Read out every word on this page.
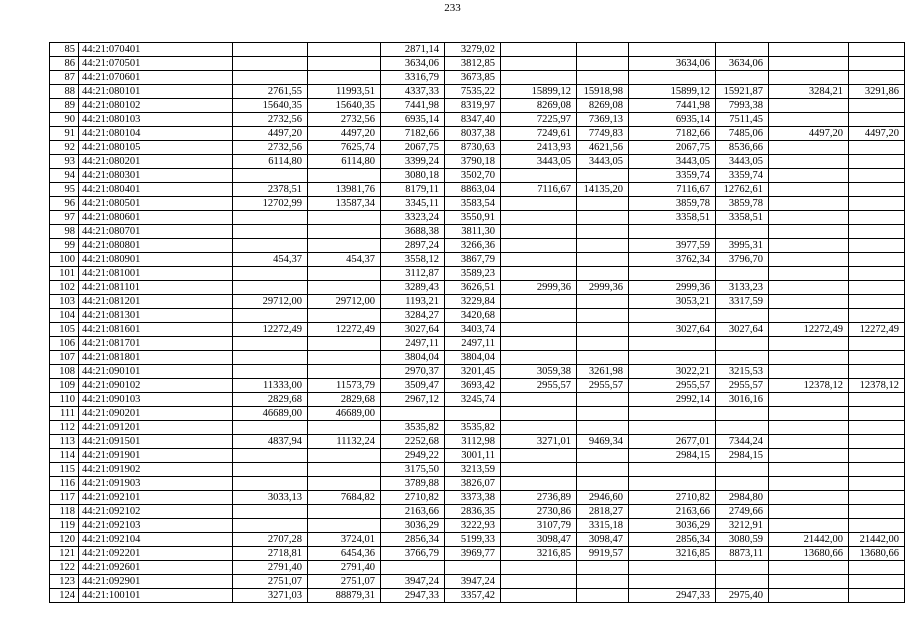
233
85	44:21:070401			2871,14	3279,02						
86	44:21:070501			3634,06	3812,85			3634,06	3634,06		
87	44:21:070601			3316,79	3673,85						
88	44:21:080101	2761,55	11993,51	4337,33	7535,22	15899,12	15918,98	15899,12	15921,87	3284,21	3291,86
89	44:21:080102	15640,35	15640,35	7441,98	8319,97	8269,08	8269,08	7441,98	7993,38		
90	44:21:080103	2732,56	2732,56	6935,14	8347,40	7225,97	7369,13	6935,14	7511,45		
91	44:21:080104	4497,20	4497,20	7182,66	8037,38	7249,61	7749,83	7182,66	7485,06	4497,20	4497,20
92	44:21:080105	2732,56	7625,74	2067,75	8730,63	2413,93	4621,56	2067,75	8536,66		
93	44:21:080201	6114,80	6114,80	3399,24	3790,18	3443,05	3443,05	3443,05	3443,05		
94	44:21:080301			3080,18	3502,70			3359,74	3359,74		
95	44:21:080401	2378,51	13981,76	8179,11	8863,04	7116,67	14135,20	7116,67	12762,61		
96	44:21:080501	12702,99	13587,34	3345,11	3583,54			3859,78	3859,78		
97	44:21:080601			3323,24	3550,91			3358,51	3358,51		
98	44:21:080701			3688,38	3811,30						
99	44:21:080801			2897,24	3266,36			3977,59	3995,31		
100	44:21:080901	454,37	454,37	3558,12	3867,79			3762,34	3796,70		
101	44:21:081001			3112,87	3589,23						
102	44:21:081101			3289,43	3626,51	2999,36	2999,36	2999,36	3133,23		
103	44:21:081201	29712,00	29712,00	1193,21	3229,84			3053,21	3317,59		
104	44:21:081301			3284,27	3420,68						
105	44:21:081601	12272,49	12272,49	3027,64	3403,74			3027,64	3027,64	12272,49	12272,49
106	44:21:081701			2497,11	2497,11						
107	44:21:081801			3804,04	3804,04						
108	44:21:090101			2970,37	3201,45	3059,38	3261,98	3022,21	3215,53		
109	44:21:090102	11333,00	11573,79	3509,47	3693,42	2955,57	2955,57	2955,57	2955,57	12378,12	12378,12
110	44:21:090103	2829,68	2829,68	2967,12	3245,74			2992,14	3016,16		
111	44:21:090201	46689,00	46689,00								
112	44:21:091201			3535,82	3535,82						
113	44:21:091501	4837,94	11132,24	2252,68	3112,98	3271,01	9469,34	2677,01	7344,24		
114	44:21:091901			2949,22	3001,11			2984,15	2984,15		
115	44:21:091902			3175,50	3213,59						
116	44:21:091903			3789,88	3826,07						
117	44:21:092101	3033,13	7684,82	2710,82	3373,38	2736,89	2946,60	2710,82	2984,80		
118	44:21:092102			2163,66	2836,35	2730,86	2818,27	2163,66	2749,66		
119	44:21:092103			3036,29	3222,93	3107,79	3315,18	3036,29	3212,91		
120	44:21:092104	2707,28	3724,01	2856,34	5199,33	3098,47	3098,47	2856,34	3080,59	21442,00	21442,00
121	44:21:092201	2718,81	6454,36	3766,79	3969,77	3216,85	9919,57	3216,85	8873,11	13680,66	13680,66
122	44:21:092601	2791,40	2791,40								
123	44:21:092901	2751,07	2751,07	3947,24	3947,24						
124	44:21:100101	3271,03	88879,31	2947,33	3357,42			2947,33	2975,40		
